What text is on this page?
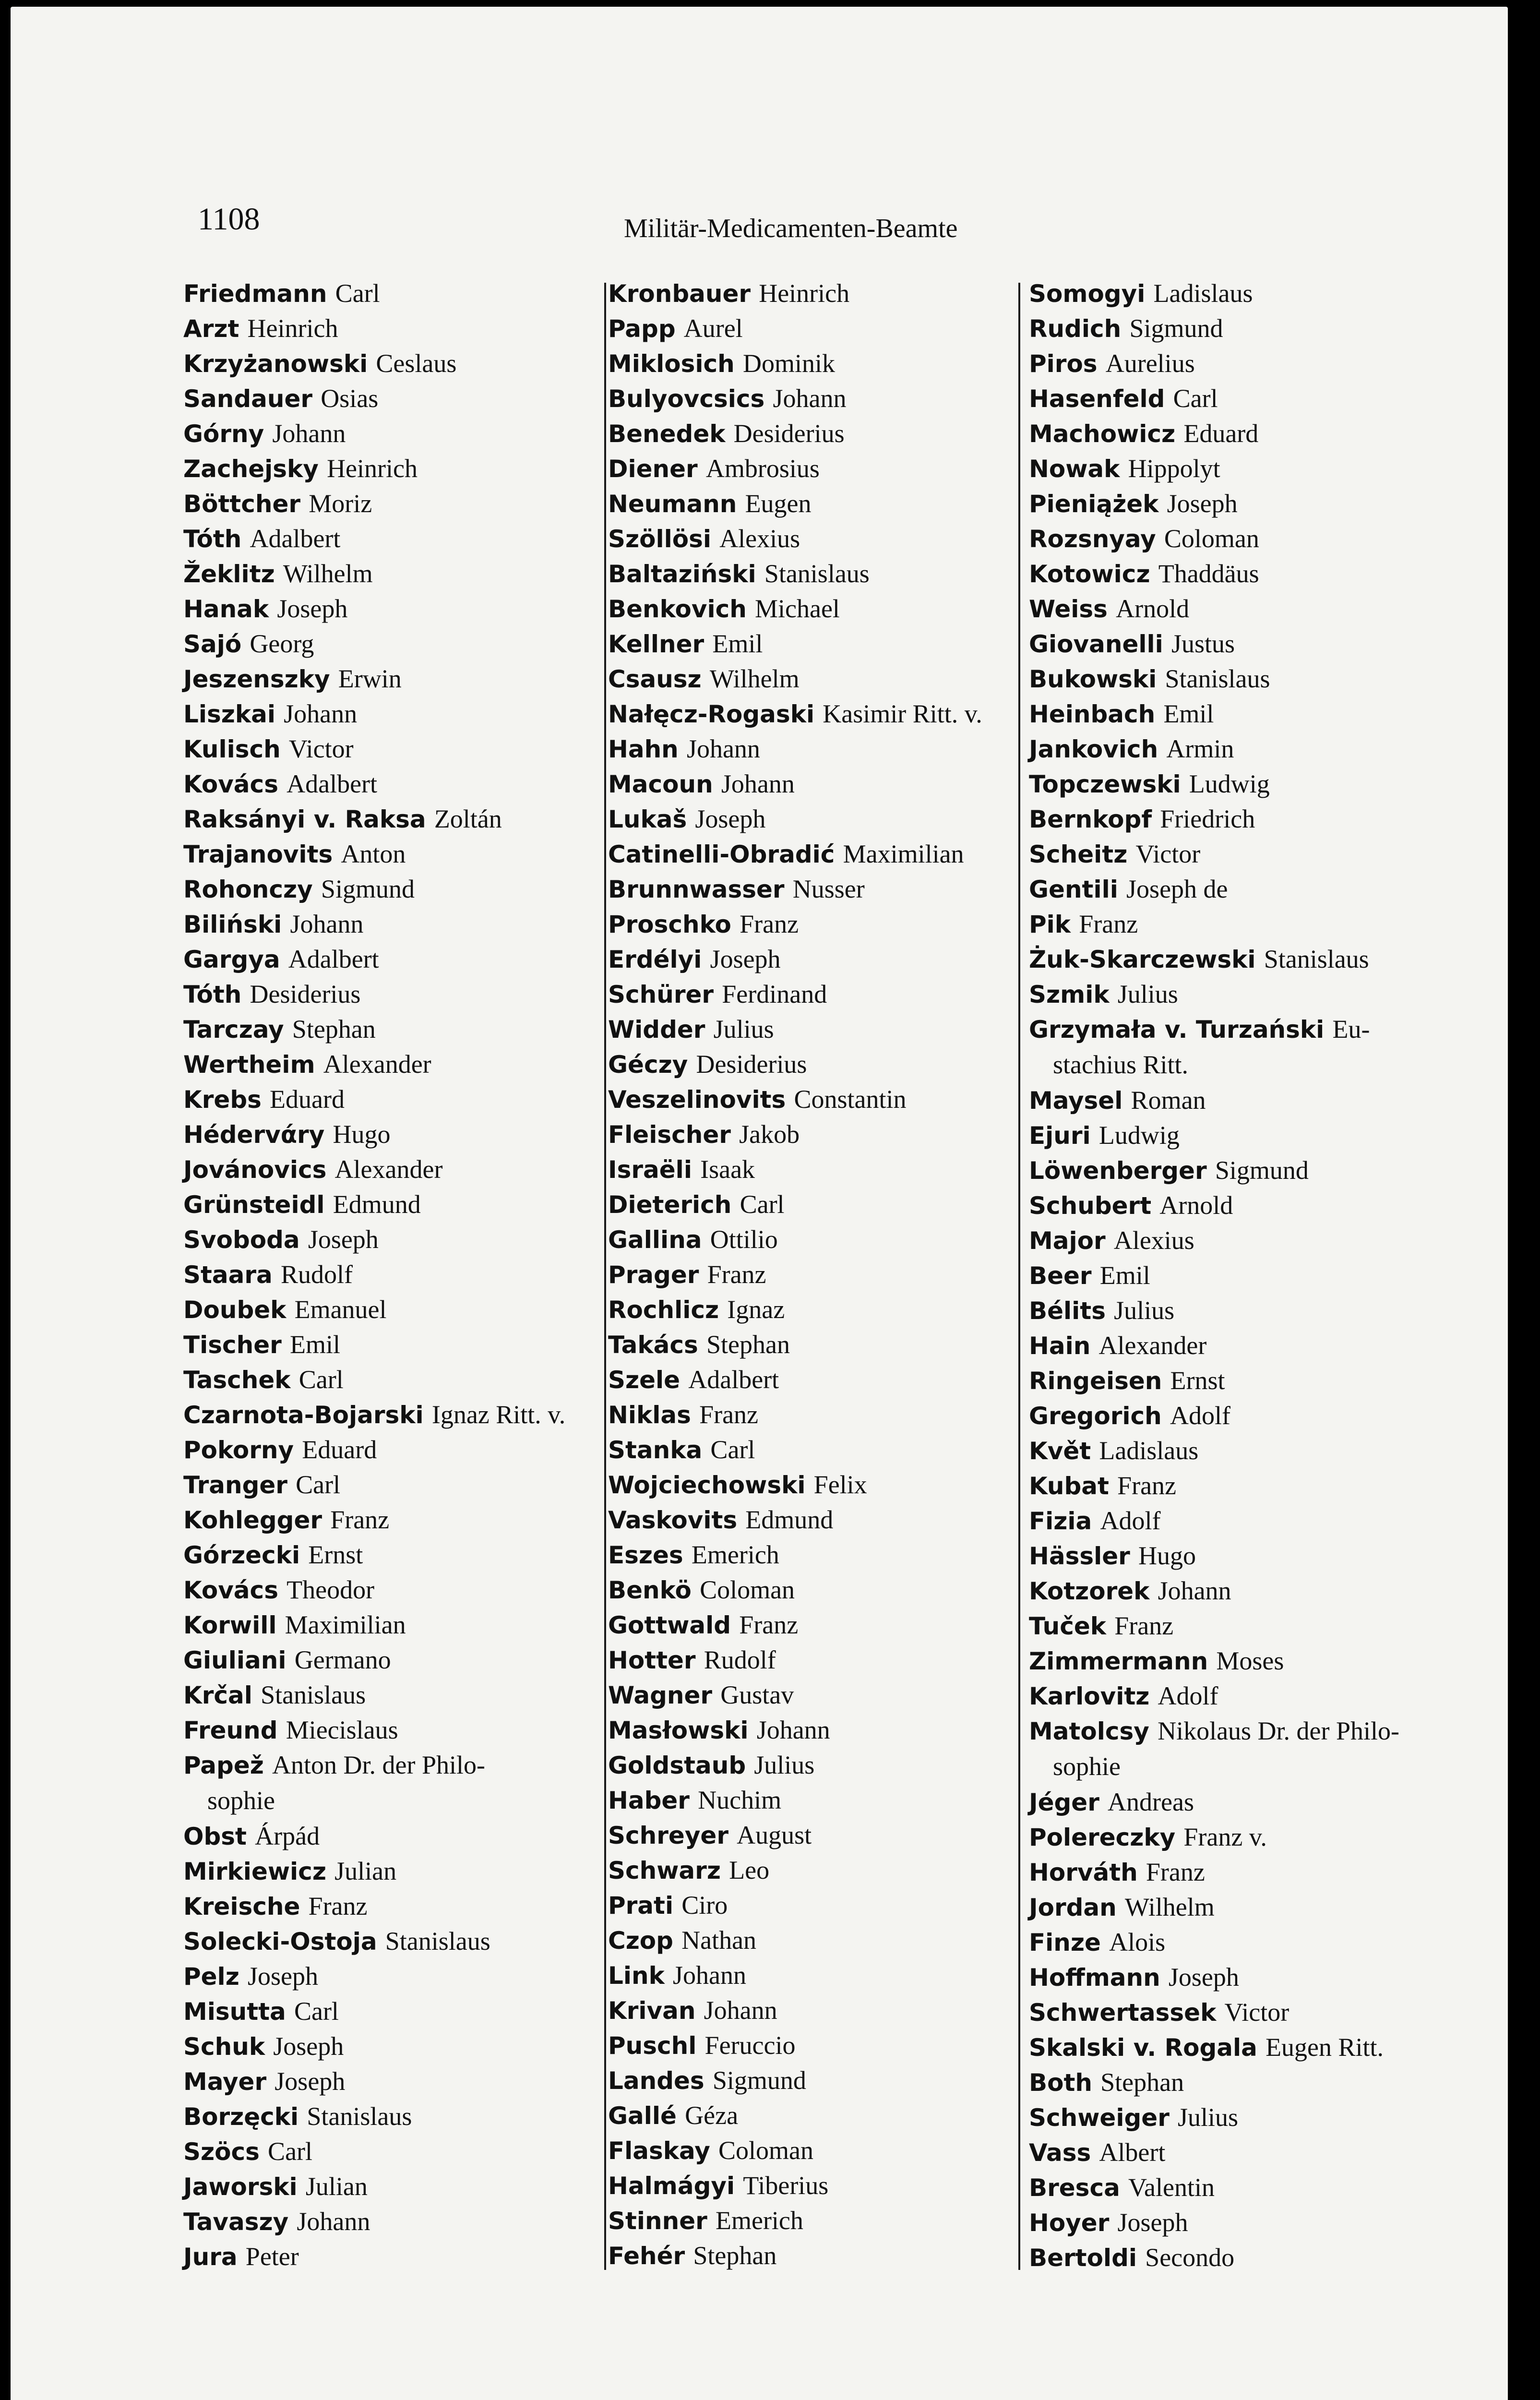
1108	Militär-Medicamenten-Beamte
Friedmann Carl
Arzt Heinrich
Krzyżanowski Ceslaus
Sandauer Osias
Górny Johann
Zachejsky Heinrich
Böttcher Moriz
Tóth Adalbert
Žeklitz Wilhelm
Hanak Joseph
Sajó Georg
Jeszenszky Erwin
Liszkai Johann
Kulisch Victor
Kovács Adalbert
Raksányi v. Raksa Zoltán
Trajanovits Anton
Rohonczy Sigmund
Biliński Johann
Gargya Adalbert
Tóth Desiderius
Tarczay Stephan
Wertheim Alexander
Krebs Eduard
Hédervάry Hugo
Jovánovics Alexander
Grünsteidl Edmund
Svoboda Joseph
Staara Rudolf
Doubek Emanuel
Tischer Emil
Taschek Carl
Czarnota-Bojarski Ignaz Ritt. v.
Pokorny Eduard
Tranger Carl
Kohlegger Franz
Górzecki Ernst
Kovács Theodor
Korwill Maximilian
Giuliani Germano
Krčal Stanislaus
Freund Miecislaus
Papež Anton Dr. der Philo-
sophie
Obst Árpád
Mirkiewicz Julian
Kreische Franz
Solecki-Ostoja Stanislaus
Pelz Joseph
Misutta Carl
Schuk Joseph
Mayer Joseph
Borzęcki Stanislaus
Szöcs Carl
Jaworski Julian
Tavaszy Johann
Jura Peter
Kronbauer Heinrich
Papp Aurel
Miklosich Dominik
Bulyovcsics Johann
Benedek Desiderius
Diener Ambrosius
Neumann Eugen
Szöllösi Alexius
Baltaziński Stanislaus
Benkovich Michael
Kellner Emil
Csausz Wilhelm
Nałęcz-Rogaski Kasimir Ritt. v.
Hahn Johann
Macoun Johann
Lukaš Joseph
Catinelli-Obradić Maximilian
Brunnwasser Nusser
Proschko Franz
Erdélyi Joseph
Schürer Ferdinand
Widder Julius
Géczy Desiderius
Veszelinovits Constantin
Fleischer Jakob
Israëli Isaak
Dieterich Carl
Gallina Ottilio
Prager Franz
Rochlicz Ignaz
Takács Stephan
Szele Adalbert
Niklas Franz
Stanka Carl
Wojciechowski Felix
Vaskovits Edmund
Eszes Emerich
Benkö Coloman
Gottwald Franz
Hotter Rudolf
Wagner Gustav
Masłowski Johann
Goldstaub Julius
Haber Nuchim
Schreyer August
Schwarz Leo
Prati Ciro
Czop Nathan
Link Johann
Krivan Johann
Puschl Feruccio
Landes Sigmund
Gallé Géza
Flaskay Coloman
Halmágyi Tiberius
Stinner Emerich
Fehér Stephan
Somogyi Ladislaus
Rudich Sigmund
Piros Aurelius
Hasenfeld Carl
Machowicz Eduard
Nowak Hippolyt
Pieniążek Joseph
Rozsnyay Coloman
Kotowicz Thaddäus
Weiss Arnold
Giovanelli Justus
Bukowski Stanislaus
Heinbach Emil
Jankovich Armin
Topczewski Ludwig
Bernkopf Friedrich
Scheitz Victor
Gentili Joseph de
Pik Franz
Żuk-Skarczewski Stanislaus
Szmik Julius
Grzymała v. Turzański Eu-
stachius Ritt.
Maysel Roman
Ejuri Ludwig
Löwenberger Sigmund
Schubert Arnold
Major Alexius
Beer Emil
Bélits Julius
Hain Alexander
Ringeisen Ernst
Gregorich Adolf
Květ Ladislaus
Kubat Franz
Fizia Adolf
Hässler Hugo
Kotzorek Johann
Tuček Franz
Zimmermann Moses
Karlovitz Adolf
Matolcsy Nikolaus Dr. der Philo-
sophie
Jéger Andreas
Polereczky Franz v.
Horváth Franz
Jordan Wilhelm
Finze Alois
Hoffmann Joseph
Schwertassek Victor
Skalski v. Rogala Eugen Ritt.
Both Stephan
Schweiger Julius
Vass Albert
Bresca Valentin
Hoyer Joseph
Bertoldi Secondo
